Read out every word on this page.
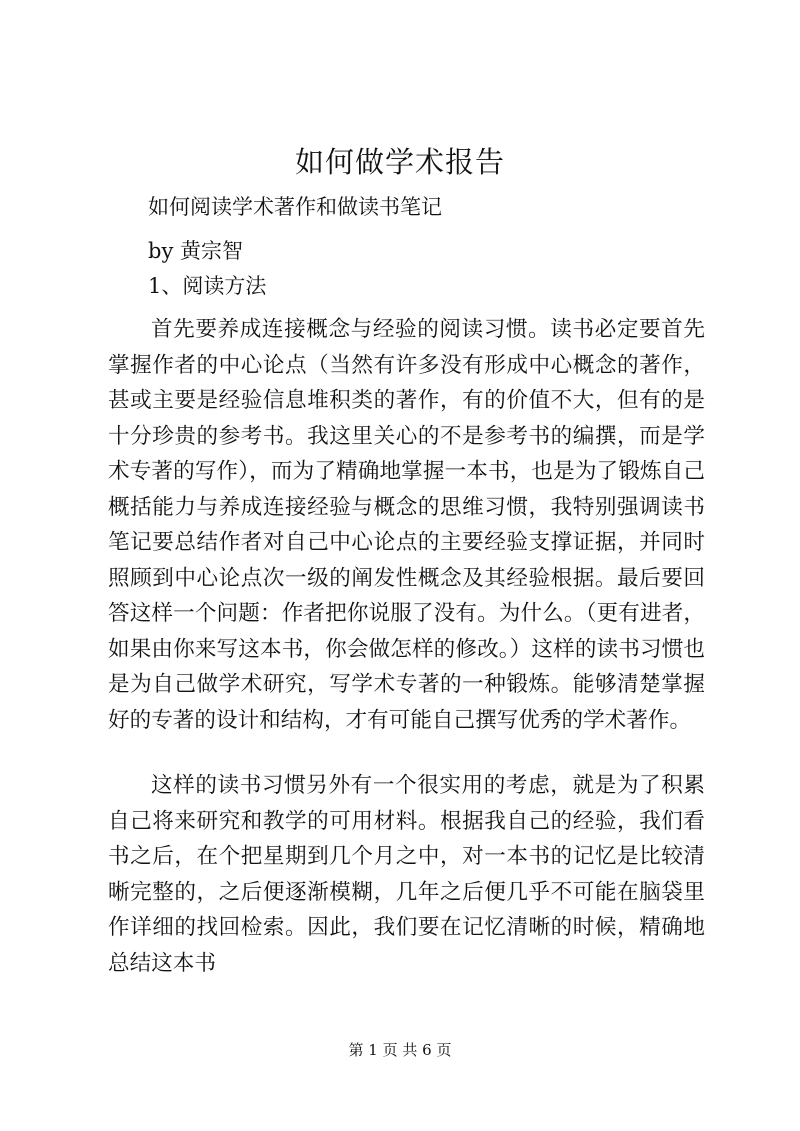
如何做学术报告
如何阅读学术著作和做读书笔记
by 黄宗智
1、阅读方法

首先要养成连接概念与经验的阅读习惯。读书必定要首先掌握作者的中心论点（当然有许多没有形成中心概念的著作，甚或主要是经验信息堆积类的著作，有的价值不大，但有的是十分珍贵的参考书。我这里关心的不是参考书的编撰，而是学术专著的写作），而为了精确地掌握一本书，也是为了锻炼自己概括能力与养成连接经验与概念的思维习惯，我特别强调读书笔记要总结作者对自己中心论点的主要经验支撑证据，并同时照顾到中心论点次一级的阐发性概念及其经验根据。最后要回答这样一个问题：作者把你说服了没有。为什么。（更有进者，如果由你来写这本书，你会做怎样的修改。）这样的读书习惯也是为自己做学术研究，写学术专著的一种锻炼。能够清楚掌握好的专著的设计和结构，才有可能自己撰写优秀的学术著作。

这样的读书习惯另外有一个很实用的考虑，就是为了积累自己将来研究和教学的可用材料。根据我自己的经验，我们看书之后，在个把星期到几个月之中，对一本书的记忆是比较清晰完整的，之后便逐渐模糊，几年之后便几乎不可能在脑袋里作详细的找回检索。因此，我们要在记忆清晰的时候，精确地总结这本书

第 1 页 共 6 页
